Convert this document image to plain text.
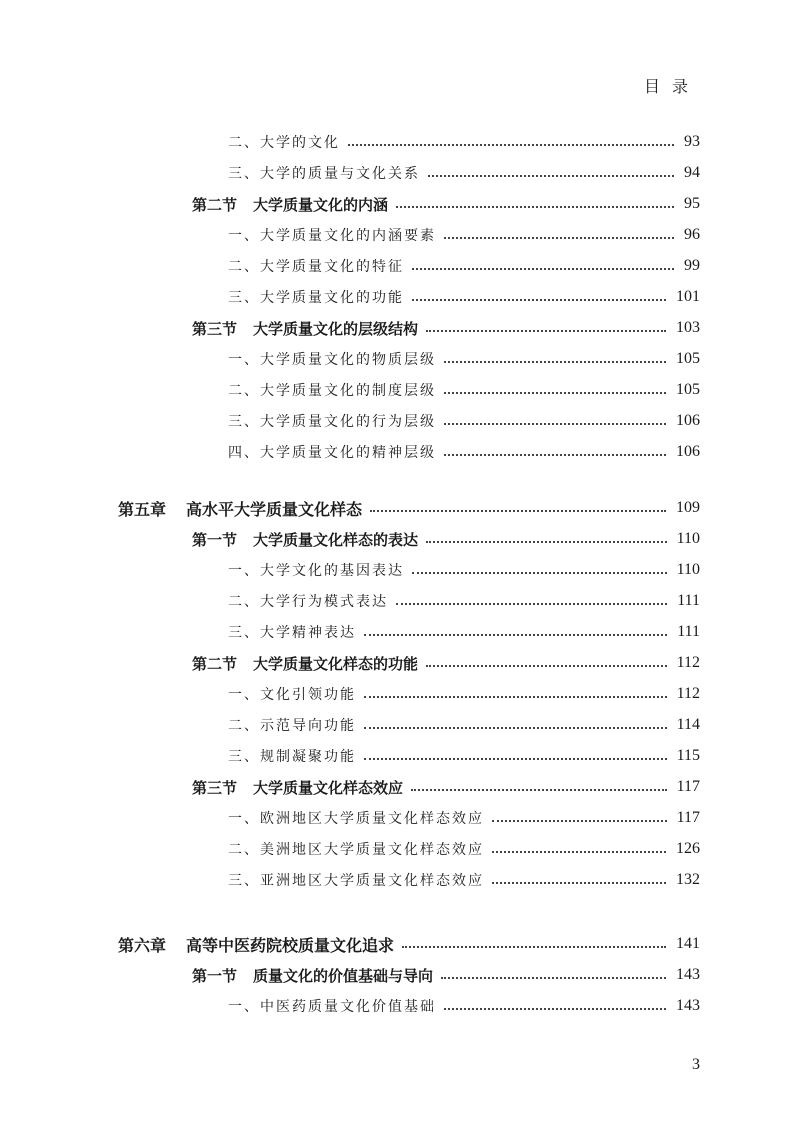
目录
二、大学的文化	93
三、大学的质量与文化关系	94
第二节 大学质量文化的内涵	95
一、大学质量文化的内涵要素	96
二、大学质量文化的特征	99
三、大学质量文化的功能	101
第三节 大学质量文化的层级结构	103
一、大学质量文化的物质层级	105
二、大学质量文化的制度层级	105
三、大学质量文化的行为层级	106
四、大学质量文化的精神层级	106
第五章 高水平大学质量文化样态	109
第一节 大学质量文化样态的表达	110
一、大学文化的基因表达	110
二、大学行为模式表达	111
三、大学精神表达	111
第二节 大学质量文化样态的功能	112
一、文化引领功能	112
二、示范导向功能	114
三、规制凝聚功能	115
第三节 大学质量文化样态效应	117
一、欧洲地区大学质量文化样态效应	117
二、美洲地区大学质量文化样态效应	126
三、亚洲地区大学质量文化样态效应	132
第六章 高等中医药院校质量文化追求	141
第一节 质量文化的价值基础与导向	143
一、中医药质量文化价值基础	143
3
